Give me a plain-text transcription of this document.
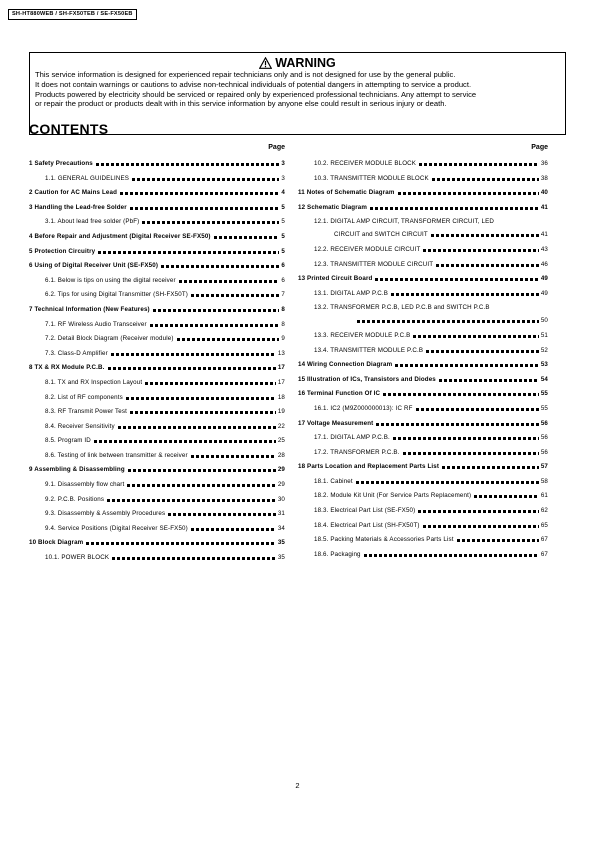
SH-HT880WEB / SH-FX50TEB / SE-FX50EB
WARNING
This service information is designed for experienced repair technicians only and is not designed for use by the general public.
It does not contain warnings or cautions to advise non-technical individuals of potential dangers in attempting to service a product.
Products powered by electricity should be serviced or repaired only by experienced professional technicians. Any attempt to service
or repair the product or products dealt with in this service information by anyone else could result in serious injury or death.
CONTENTS
Page
1 Safety Precautions	3
1.1. GENERAL GUIDELINES	3
2 Caution for AC Mains Lead	4
3 Handling the Lead-free Solder	5
3.1. About lead free solder (PbF)	5
4 Before Repair and Adjustment (Digital Receiver SE-FX50)	5
5 Protection Circuitry	5
6 Using of Digital Receiver Unit (SE-FX50)	6
6.1. Below is tips on using the digital receiver	6
6.2. Tips for using Digital Transmitter (SH-FX50T)	7
7 Technical Information (New Features)	8
7.1. RF Wireless Audio Transceiver	8
7.2. Detail Block Diagram (Receiver module)	9
7.3. Class-D Amplifier	13
8 TX & RX Module P.C.B.	17
8.1. TX and RX Inspection Layout	17
8.2. List of RF components	18
8.3. RF Transmit Power Test	19
8.4. Receiver Sensitivity	22
8.5. Program ID	25
8.6. Testing of link between transmitter & receiver	28
9 Assembling & Disassembling	29
9.1. Disassembly flow chart	29
9.2. P.C.B. Positions	30
9.3. Disassembly & Assembly Procedures	31
9.4. Service Positions (Digital Receiver SE-FX50)	34
10 Block Diagram	35
10.1. POWER BLOCK	35
Page
10.2. RECEIVER MODULE BLOCK	36
10.3. TRANSMITTER MODULE BLOCK	38
11 Notes of Schematic Diagram	40
12 Schematic Diagram	41
12.1. DIGITAL AMP CIRCUIT, TRANSFORMER CIRCUIT, LED
CIRCUIT and SWITCH CIRCUIT	41
12.2. RECEIVER MODULE CIRCUIT	43
12.3. TRANSMITTER MODULE CIRCUIT	46
13 Printed Circuit Board	49
13.1. DIGITAL AMP P.C.B	49
13.2. TRANSFORMER P.C.B, LED P.C.B and SWITCH P.C.B
50
13.3. RECEIVER MODULE P.C.B	51
13.4. TRANSMITTER MODULE P.C.B	52
14 Wiring Connection Diagram	53
15 Illustration of ICs, Transistors and Diodes	54
16 Terminal Function Of IC	55
16.1. IC2 (M9Z000000013): IC RF	55
17 Voltage Measurement	56
17.1. DIGITAL AMP P.C.B.	56
17.2. TRANSFORMER P.C.B.	56
18 Parts Location and Replacement Parts List	57
18.1. Cabinet	58
18.2. Module Kit Unit (For Service Parts Replacement)	61
18.3. Electrical Part List (SE-FX50)	62
18.4. Electrical Part List (SH-FX50T)	65
18.5. Packing Materials & Accessories Parts List	67
18.6. Packaging	67
2
